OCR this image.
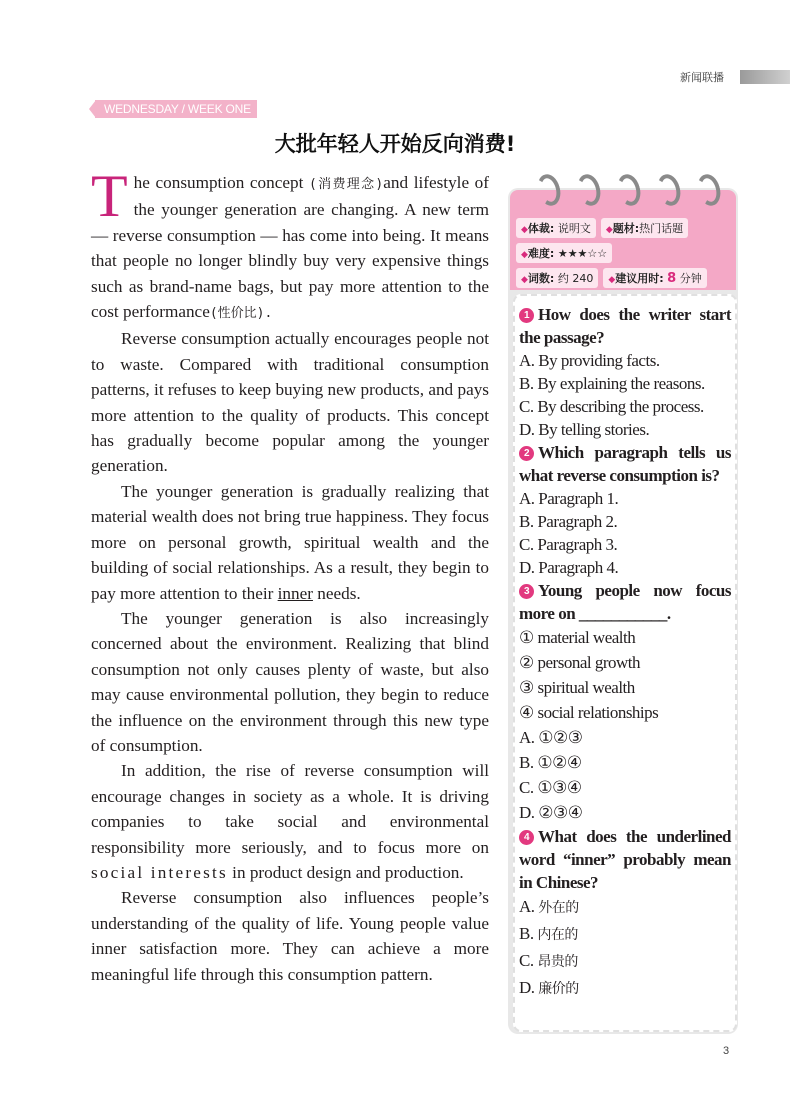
新闻联播
WEDNESDAY / WEEK ONE
大批年轻人开始反向消费!

The consumption concept (消费理念)and lifestyle of the younger generation are changing. A new term — reverse consumption — has come into being. It means that people no longer blindly buy very expensive things such as brand-name bags, but pay more attention to the cost performance(性价比).

Reverse consumption actually encourages people not to waste. Compared with traditional consumption patterns, it refuses to keep buying new products, and pays more attention to the quality of products. This concept has gradually become popular among the younger generation.

The younger generation is gradually realizing that material wealth does not bring true happiness. They focus more on personal growth, spiritual wealth and the building of social relationships. As a result, they begin to pay more attention to their inner needs.

The younger generation is also increasingly concerned about the environment. Realizing that blind consumption not only causes plenty of waste, but also may cause environmental pollution, they begin to reduce the influence on the environment through this new type of consumption.

In addition, the rise of reverse consumption will encourage changes in society as a whole. It is driving companies to take social and environmental responsibility more seriously, and to focus more on social interests in product design and production.

Reverse consumption also influences people’s understanding of the quality of life. Young people value inner satisfaction more. They can achieve a more meaningful life through this consumption pattern.

◆体裁: 说明文 ◆题材:热门话题
◆难度: ★★★☆☆
◆词数: 约 240 ◆建议用时: 8 分钟
1 How does the writer start the passage?
A. By providing facts.
B. By explaining the reasons.
C. By describing the process.
D. By telling stories.
2 Which paragraph tells us what reverse consumption is?
A. Paragraph 1.
B. Paragraph 2.
C. Paragraph 3.
D. Paragraph 4.
3 Young people now focus more on ___________.
① material wealth
② personal growth
③ spiritual wealth
④ social relationships
A. ①②③
B. ①②④
C. ①③④
D. ②③④
4 What does the underlined word “inner” probably mean in Chinese?
A. 外在的
B. 内在的
C. 昂贵的
D. 廉价的
3
